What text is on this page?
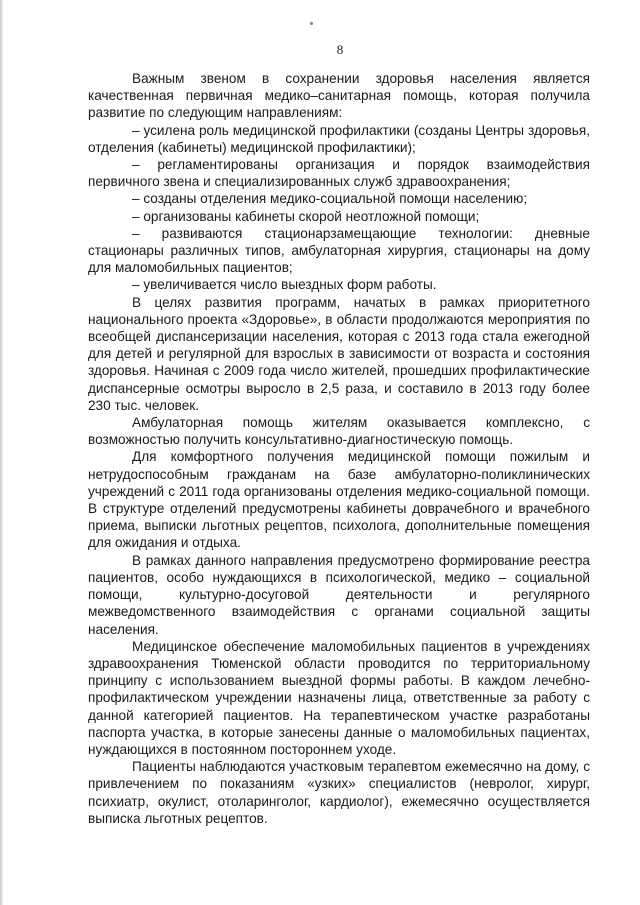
8

Важным звеном в сохранении здоровья населения является качественная первичная медико–санитарная помощь, которая получила развитие по следующим направлениям:

– усилена роль медицинской профилактики (созданы Центры здоровья, отделения (кабинеты) медицинской профилактики);

– регламентированы организация и порядок взаимодействия первичного звена и специализированных служб здравоохранения;

– созданы отделения медико-социальной помощи населению;

– организованы кабинеты скорой неотложной помощи;

– развиваются стационарзамещающие технологии: дневные стационары различных типов, амбулаторная хирургия, стационары на дому для маломобильных пациентов;

– увеличивается число выездных форм работы.

В целях развития программ, начатых в рамках приоритетного национального проекта «Здоровье», в области продолжаются мероприятия по всеобщей диспансеризации населения, которая с 2013 года стала ежегодной для детей и регулярной для взрослых в зависимости от возраста и состояния здоровья. Начиная с 2009 года число жителей, прошедших профилактические диспансерные осмотры выросло в 2,5 раза, и составило в 2013 году более 230 тыс. человек.

Амбулаторная помощь жителям оказывается комплексно, с возможностью получить консультативно-диагностическую помощь.

Для комфортного получения медицинской помощи пожилым и нетрудоспособным гражданам на базе амбулаторно-поликлинических учреждений с 2011 года организованы отделения медико-социальной помощи. В структуре отделений предусмотрены кабинеты доврачебного и врачебного приема, выписки льготных рецептов, психолога, дополнительные помещения для ожидания и отдыха.

В рамках данного направления предусмотрено формирование реестра пациентов, особо нуждающихся в психологической, медико – социальной помощи, культурно-досуговой деятельности и регулярного межведомственного взаимодействия с органами социальной защиты населения.

Медицинское обеспечение маломобильных пациентов в учреждениях здравоохранения Тюменской области проводится по территориальному принципу с использованием выездной формы работы. В каждом лечебно-профилактическом учреждении назначены лица, ответственные за работу с данной категорией пациентов. На терапевтическом участке разработаны паспорта участка, в которые занесены данные о маломобильных пациентах, нуждающихся в постоянном постороннем уходе.

Пациенты наблюдаются участковым терапевтом ежемесячно на дому, с привлечением по показаниям «узких» специалистов (невролог, хирург, психиатр, окулист, отоларинголог, кардиолог), ежемесячно осуществляется выписка льготных рецептов.
